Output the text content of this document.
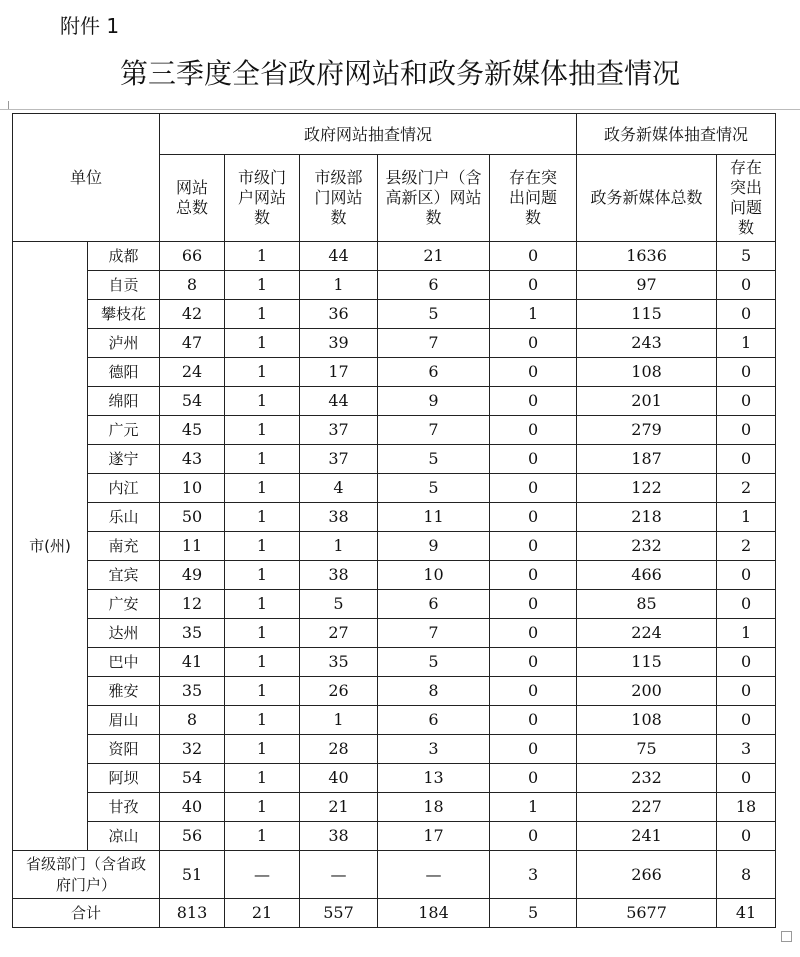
附件 1
第三季度全省政府网站和政务新媒体抽查情况
单位		政府网站抽查情况					政务新媒体抽查情况	

		网站总数	市级门户网站数	市级部门网站数	县级门户（含高新区）网站数	存在突出问题数	政务新媒体总数	存在突出问题数

市(州)	成都	66	1	44	21	0	1636	5
	自贡	8	1	1	6	0	97	0
	攀枝花	42	1	36	5	1	115	0
	泸州	47	1	39	7	0	243	1
	德阳	24	1	17	6	0	108	0
	绵阳	54	1	44	9	0	201	0
	广元	45	1	37	7	0	279	0
	遂宁	43	1	37	5	0	187	0
	内江	10	1	4	5	0	122	2
	乐山	50	1	38	11	0	218	1
	南充	11	1	1	9	0	232	2
	宜宾	49	1	38	10	0	466	0
	广安	12	1	5	6	0	85	0
	达州	35	1	27	7	0	224	1
	巴中	41	1	35	5	0	115	0
	雅安	35	1	26	8	0	200	0
	眉山	8	1	1	6	0	108	0
	资阳	32	1	28	3	0	75	3
	阿坝	54	1	40	13	0	232	0
	甘孜	40	1	21	18	1	227	18
	凉山	56	1	38	17	0	241	0
省级部门（含省政府门户）		51	—	—	—	3	266	8
合计		813	21	557	184	5	5677	41
